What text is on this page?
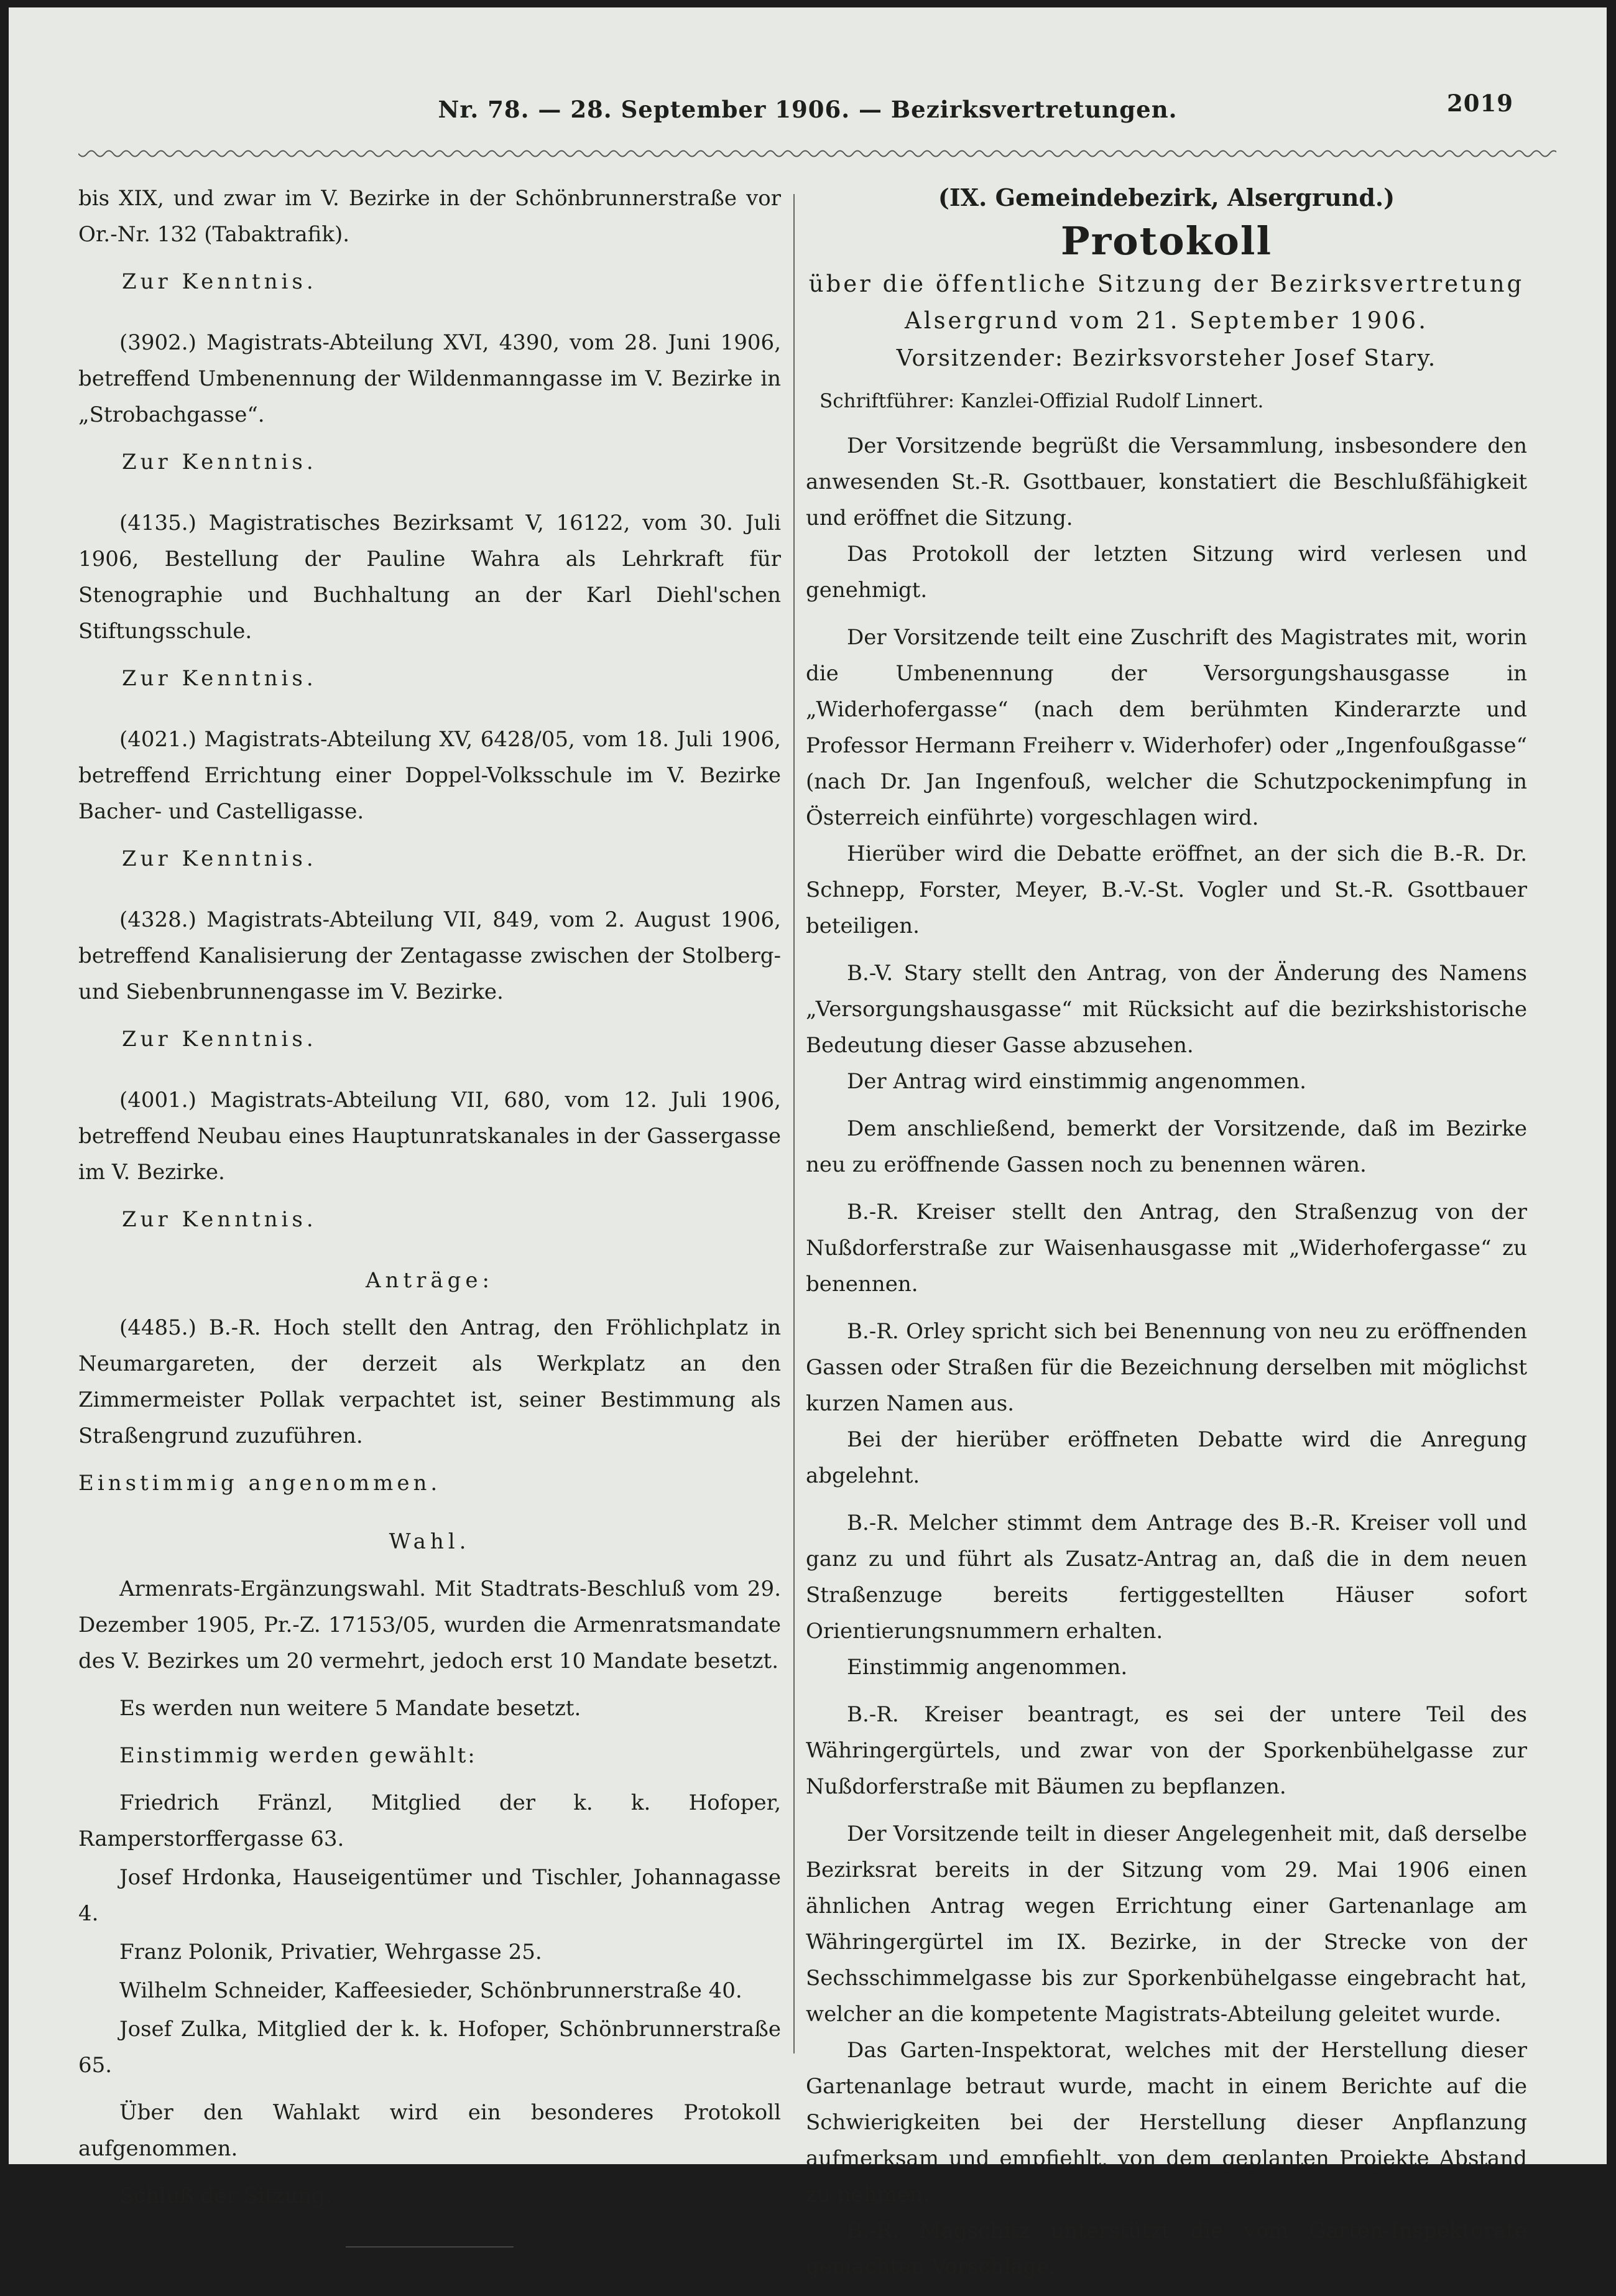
Nr. 78. — 28. September 1906. — Bezirksvertretungen.	2019

bis XIX, und zwar im V. Bezirke in der Schönbrunnerstraße vor Or.-Nr. 132 (Tabaktrafik).

Zur Kenntnis.

(3902.) Magistrats-Abteilung XVI, 4390, vom 28. Juni 1906, betreffend Umbenennung der Wildenmanngasse im V. Bezirke in „Strobachgasse“.

Zur Kenntnis.

(4135.) Magistratisches Bezirksamt V, 16122, vom 30. Juli 1906, Bestellung der Pauline Wahra als Lehrkraft für Stenographie und Buchhaltung an der Karl Diehl'schen Stiftungsschule.

Zur Kenntnis.

(4021.) Magistrats-Abteilung XV, 6428/05, vom 18. Juli 1906, betreffend Errichtung einer Doppel-Volksschule im V. Bezirke Bacher- und Castelligasse.

Zur Kenntnis.

(4328.) Magistrats-Abteilung VII, 849, vom 2. August 1906, betreffend Kanalisierung der Zentagasse zwischen der Stolberg- und Siebenbrunnengasse im V. Bezirke.

Zur Kenntnis.

(4001.) Magistrats-Abteilung VII, 680, vom 12. Juli 1906, betreffend Neubau eines Hauptunratskanales in der Gassergasse im V. Bezirke.

Zur Kenntnis.

Anträge:

(4485.) B.-R. Hoch stellt den Antrag, den Fröhlichplatz in Neumargareten, der derzeit als Werkplatz an den Zimmermeister Pollak verpachtet ist, seiner Bestimmung als Straßengrund zuzuführen.

Einstimmig angenommen.

Wahl.

Armenrats-Ergänzungswahl. Mit Stadtrats-Beschluß vom 29. Dezember 1905, Pr.-Z. 17153/05, wurden die Armenratsmandate des V. Bezirkes um 20 vermehrt, jedoch erst 10 Mandate besetzt.

Es werden nun weitere 5 Mandate besetzt.

Einstimmig werden gewählt:

Friedrich Fränzl, Mitglied der k. k. Hofoper, Ramperstorffergasse 63.

Josef Hrdonka, Hauseigentümer und Tischler, Johannagasse 4.

Franz Polonik, Privatier, Wehrgasse 25.

Wilhelm Schneider, Kaffeesieder, Schönbrunnerstraße 40.

Josef Zulka, Mitglied der k. k. Hofoper, Schönbrunnerstraße 65.

Über den Wahlakt wird ein besonderes Protokoll aufgenommen.

Schluß der Sitzung.

(IX. Gemeindebezirk, Alsergrund.)
Protokoll
über die öffentliche Sitzung der Bezirksvertretung
Alsergrund vom 21. September 1906.
Vorsitzender: Bezirksvorsteher Josef Stary.
Schriftführer: Kanzlei-Offizial Rudolf Linnert.

Der Vorsitzende begrüßt die Versammlung, insbesondere den anwesenden St.-R. Gsottbauer, konstatiert die Beschlußfähigkeit und eröffnet die Sitzung.

Das Protokoll der letzten Sitzung wird verlesen und genehmigt.

Der Vorsitzende teilt eine Zuschrift des Magistrates mit, worin die Umbenennung der Versorgungshausgasse in „Widerhofergasse“ (nach dem berühmten Kinderarzte und Professor Hermann Freiherr v. Widerhofer) oder „Ingenfoußgasse“ (nach Dr. Jan Ingenfouß, welcher die Schutzpockenimpfung in Österreich einführte) vorgeschlagen wird.

Hierüber wird die Debatte eröffnet, an der sich die B.-R. Dr. Schnepp, Forster, Meyer, B.-V.-St. Vogler und St.-R. Gsottbauer beteiligen.

B.-V. Stary stellt den Antrag, von der Änderung des Namens „Versorgungshausgasse“ mit Rücksicht auf die bezirkshistorische Bedeutung dieser Gasse abzusehen.

Der Antrag wird einstimmig angenommen.

Dem anschließend, bemerkt der Vorsitzende, daß im Bezirke neu zu eröffnende Gassen noch zu benennen wären.

B.-R. Kreiser stellt den Antrag, den Straßenzug von der Nußdorferstraße zur Waisenhausgasse mit „Widerhofergasse“ zu benennen.

B.-R. Orley spricht sich bei Benennung von neu zu eröffnenden Gassen oder Straßen für die Bezeichnung derselben mit möglichst kurzen Namen aus.

Bei der hierüber eröffneten Debatte wird die Anregung abgelehnt.

B.-R. Melcher stimmt dem Antrage des B.-R. Kreiser voll und ganz zu und führt als Zusatz-Antrag an, daß die in dem neuen Straßenzuge bereits fertiggestellten Häuser sofort Orientierungsnummern erhalten.

Einstimmig angenommen.

B.-R. Kreiser beantragt, es sei der untere Teil des Währingergürtels, und zwar von der Sporkenbühelgasse zur Nußdorferstraße mit Bäumen zu bepflanzen.

Der Vorsitzende teilt in dieser Angelegenheit mit, daß derselbe Bezirksrat bereits in der Sitzung vom 29. Mai 1906 einen ähnlichen Antrag wegen Errichtung einer Gartenanlage am Währingergürtel im IX. Bezirke, in der Strecke von der Sechsschimmelgasse bis zur Sporkenbühelgasse eingebracht hat, welcher an die kompetente Magistrats-Abteilung geleitet wurde.

Das Garten-Inspektorat, welches mit der Herstellung dieser Gartenanlage betraut wurde, macht in einem Berichte auf die Schwierigkeiten bei der Herstellung dieser Anpflanzung aufmerksam und empfiehlt, von dem geplanten Projekte Abstand zu nehmen.

B.-R. Magschitz unterstützt die vom Garten-Inspektorate gemachten Vorschläge.
